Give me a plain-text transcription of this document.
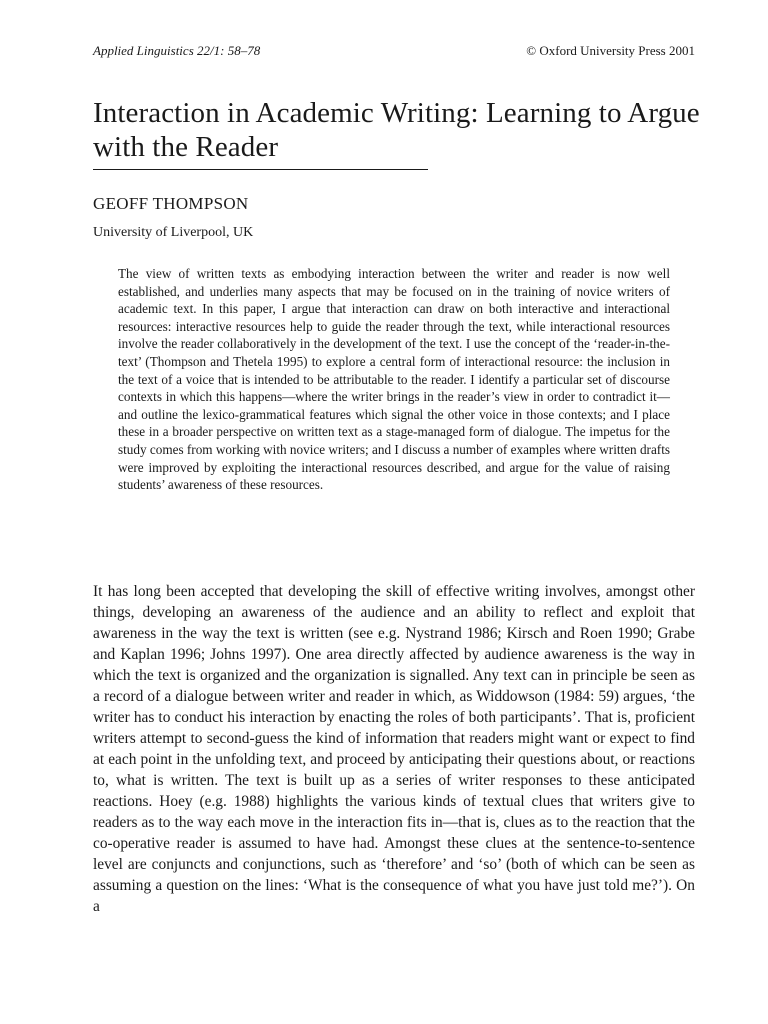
Applied Linguistics 22/1: 58–78	© Oxford University Press 2001
Interaction in Academic Writing: Learning to Argue with the Reader
GEOFF THOMPSON
University of Liverpool, UK

The view of written texts as embodying interaction between the writer and reader is now well established, and underlies many aspects that may be focused on in the training of novice writers of academic text. In this paper, I argue that interaction can draw on both interactive and interactional resources: interactive resources help to guide the reader through the text, while interactional resources involve the reader collaboratively in the development of the text. I use the concept of the ‘reader-in-the-text’ (Thompson and Thetela 1995) to explore a central form of interactional resource: the inclusion in the text of a voice that is intended to be attributable to the reader. I identify a particular set of discourse contexts in which this happens—where the writer brings in the reader’s view in order to contradict it—and outline the lexico-grammatical features which signal the other voice in those contexts; and I place these in a broader perspective on written text as a stage-managed form of dialogue. The impetus for the study comes from working with novice writers; and I discuss a number of examples where written drafts were improved by exploiting the interactional resources described, and argue for the value of raising students’ awareness of these resources.

It has long been accepted that developing the skill of effective writing involves, amongst other things, developing an awareness of the audience and an ability to reflect and exploit that awareness in the way the text is written (see e.g. Nystrand 1986; Kirsch and Roen 1990; Grabe and Kaplan 1996; Johns 1997). One area directly affected by audience awareness is the way in which the text is organized and the organization is signalled. Any text can in principle be seen as a record of a dialogue between writer and reader in which, as Widdowson (1984: 59) argues, ‘the writer has to conduct his interaction by enacting the roles of both participants’. That is, proficient writers attempt to second-guess the kind of information that readers might want or expect to find at each point in the unfolding text, and proceed by anticipating their questions about, or reactions to, what is written. The text is built up as a series of writer responses to these anticipated reactions. Hoey (e.g. 1988) highlights the various kinds of textual clues that writers give to readers as to the way each move in the interaction fits in—that is, clues as to the reaction that the co-operative reader is assumed to have had. Amongst these clues at the sentence-to-sentence level are conjuncts and conjunctions, such as ‘therefore’ and ‘so’ (both of which can be seen as assuming a question on the lines: ‘What is the consequence of what you have just told me?’). On a
